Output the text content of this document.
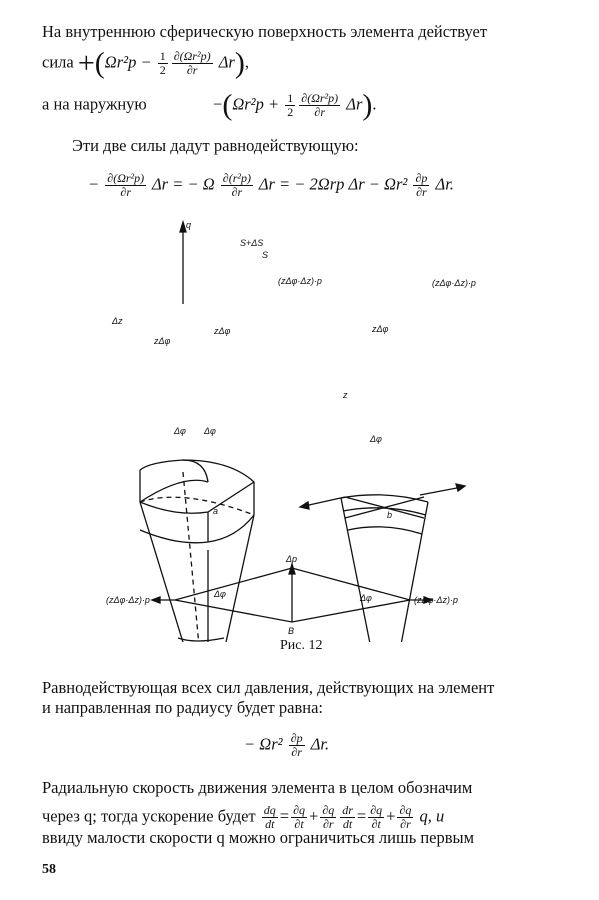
На внутреннюю сферическую поверхность элемента действует
сила $+(\Omega r^2p - \frac{1}{2} \frac{\text{∂(Ωr²p)}}{\partial r} \Delta r)$,
а на наружную	$-(\Omega r^2p + \frac{1}{2} \frac{\text{∂(Ωr²p)}}{\partial r} \Delta r)$.
Эти две силы дадут равнодействующую:
− $\frac{\text{∂(Ωr²p)}}{\partial r}$ Δr = − Ω $\frac{\text{∂(r²p)}}{\partial r}$ Δr = − 2Ωrp $\Delta r - \Omega r^2 \frac{\partial p}{\partial r} \Delta r$.
q
S+ΔS
S
Δz
zΔφ
zΔφ
Δφ Δφ
a
(zΔφ·Δz)·p	(zΔφ·Δz)·p
zΔφ
z
Δφ
b
Δp
(zΔφ·Δz)·p	(zΔφ·Δz)·p
Δφ	Δφ
B
Рис. 12
Равнодействующая всех сил давления, действующих на элемент
и направленная по радиусу будет равна:
− $\Omega r^2 \frac{\partial p}{\partial r} \Delta r$.
Радиальную скорость движения элемента в целом обозначим
через q; тогда ускорение будет $\frac{dq}{dt} = \frac{\partial q}{\partial t} + \frac{\partial q}{\partial r} \frac{dr}{dt} = \frac{\partial q}{\partial t} + \frac{\partial q}{\partial r} q$, и
ввиду малости скорости q можно ограничиться лишь первым
58
